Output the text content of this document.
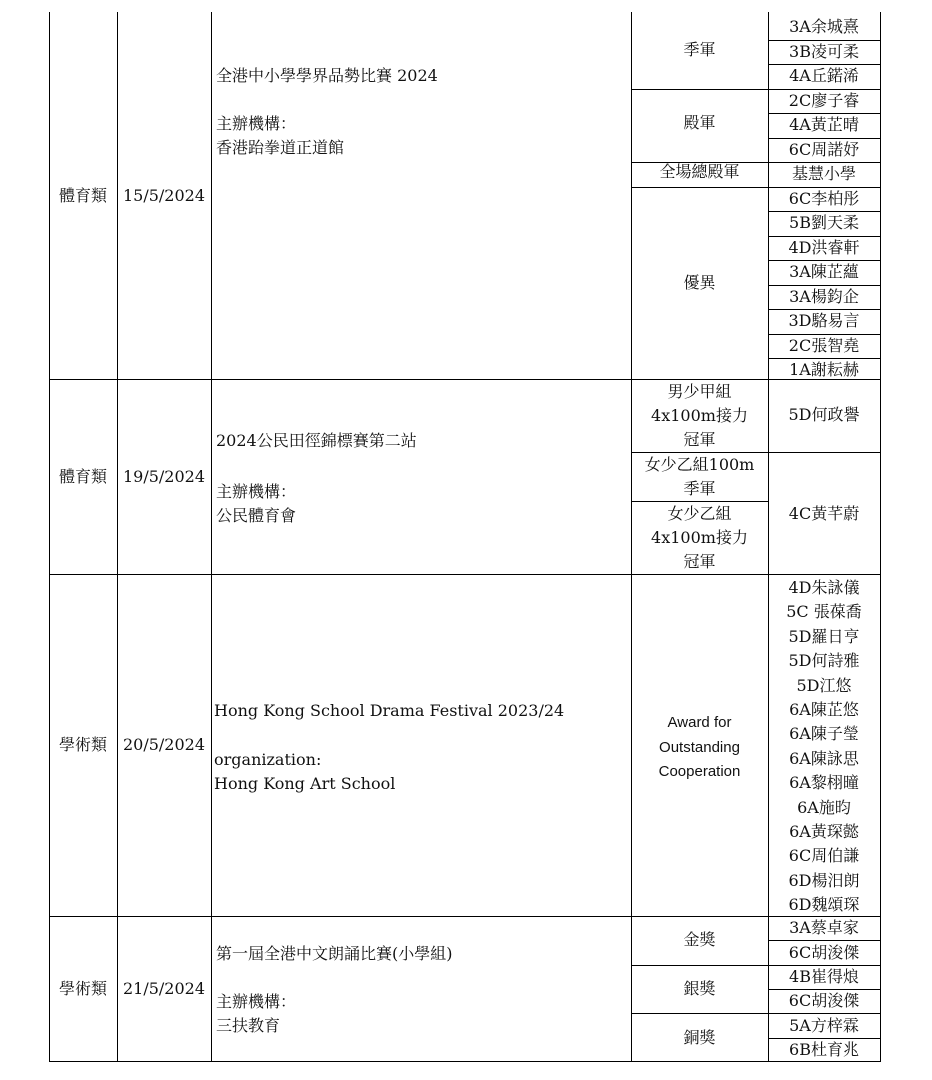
體育類 15/5/2024
全港中小學學界品勢比賽 2024
主辦機構：
香港跆拳道正道館
季軍
3A余城熹
3B凌可柔
4A丘鍩浠
殿軍
2C廖子睿
4A黃芷晴
6C周諾妤
全場總殿軍	基慧小學
優異
6C李柏彤
5B劉天柔
4D洪睿軒
3A陳芷蘊
3A楊鈞企
3D駱易言
2C張智堯
1A謝耘赫
體育類 19/5/2024
2024公民田徑錦標賽第二站
主辦機構：
公民體育會
男少甲組
4x100m接力
冠軍
女少乙組100m
季軍
女少乙組
4x100m接力
冠軍
5D何政譽
4C黃芊蔚
學術類 20/5/2024
Hong Kong School Drama Festival 2023/24
organization:
Hong Kong Art School
Award for
Outstanding
Cooperation
4D朱詠儀
5C 張葆喬
5D羅日亨
5D何詩雅
5D江悠
6A陳芷悠
6A陳子瑩
6A陳詠思
6A黎栩曈
6A施昀
6A黃琛懿
6C周伯謙
6D楊汨朗
6D魏頌琛
學術類 21/5/2024
第一屆全港中文朗誦比賽(小學組)
主辦機構：
三扶教育
金獎
3A蔡卓家
6C胡浚傑
銀獎
4B崔得烺
6C胡浚傑
銅獎
5A方梓霖
6B杜育兆
